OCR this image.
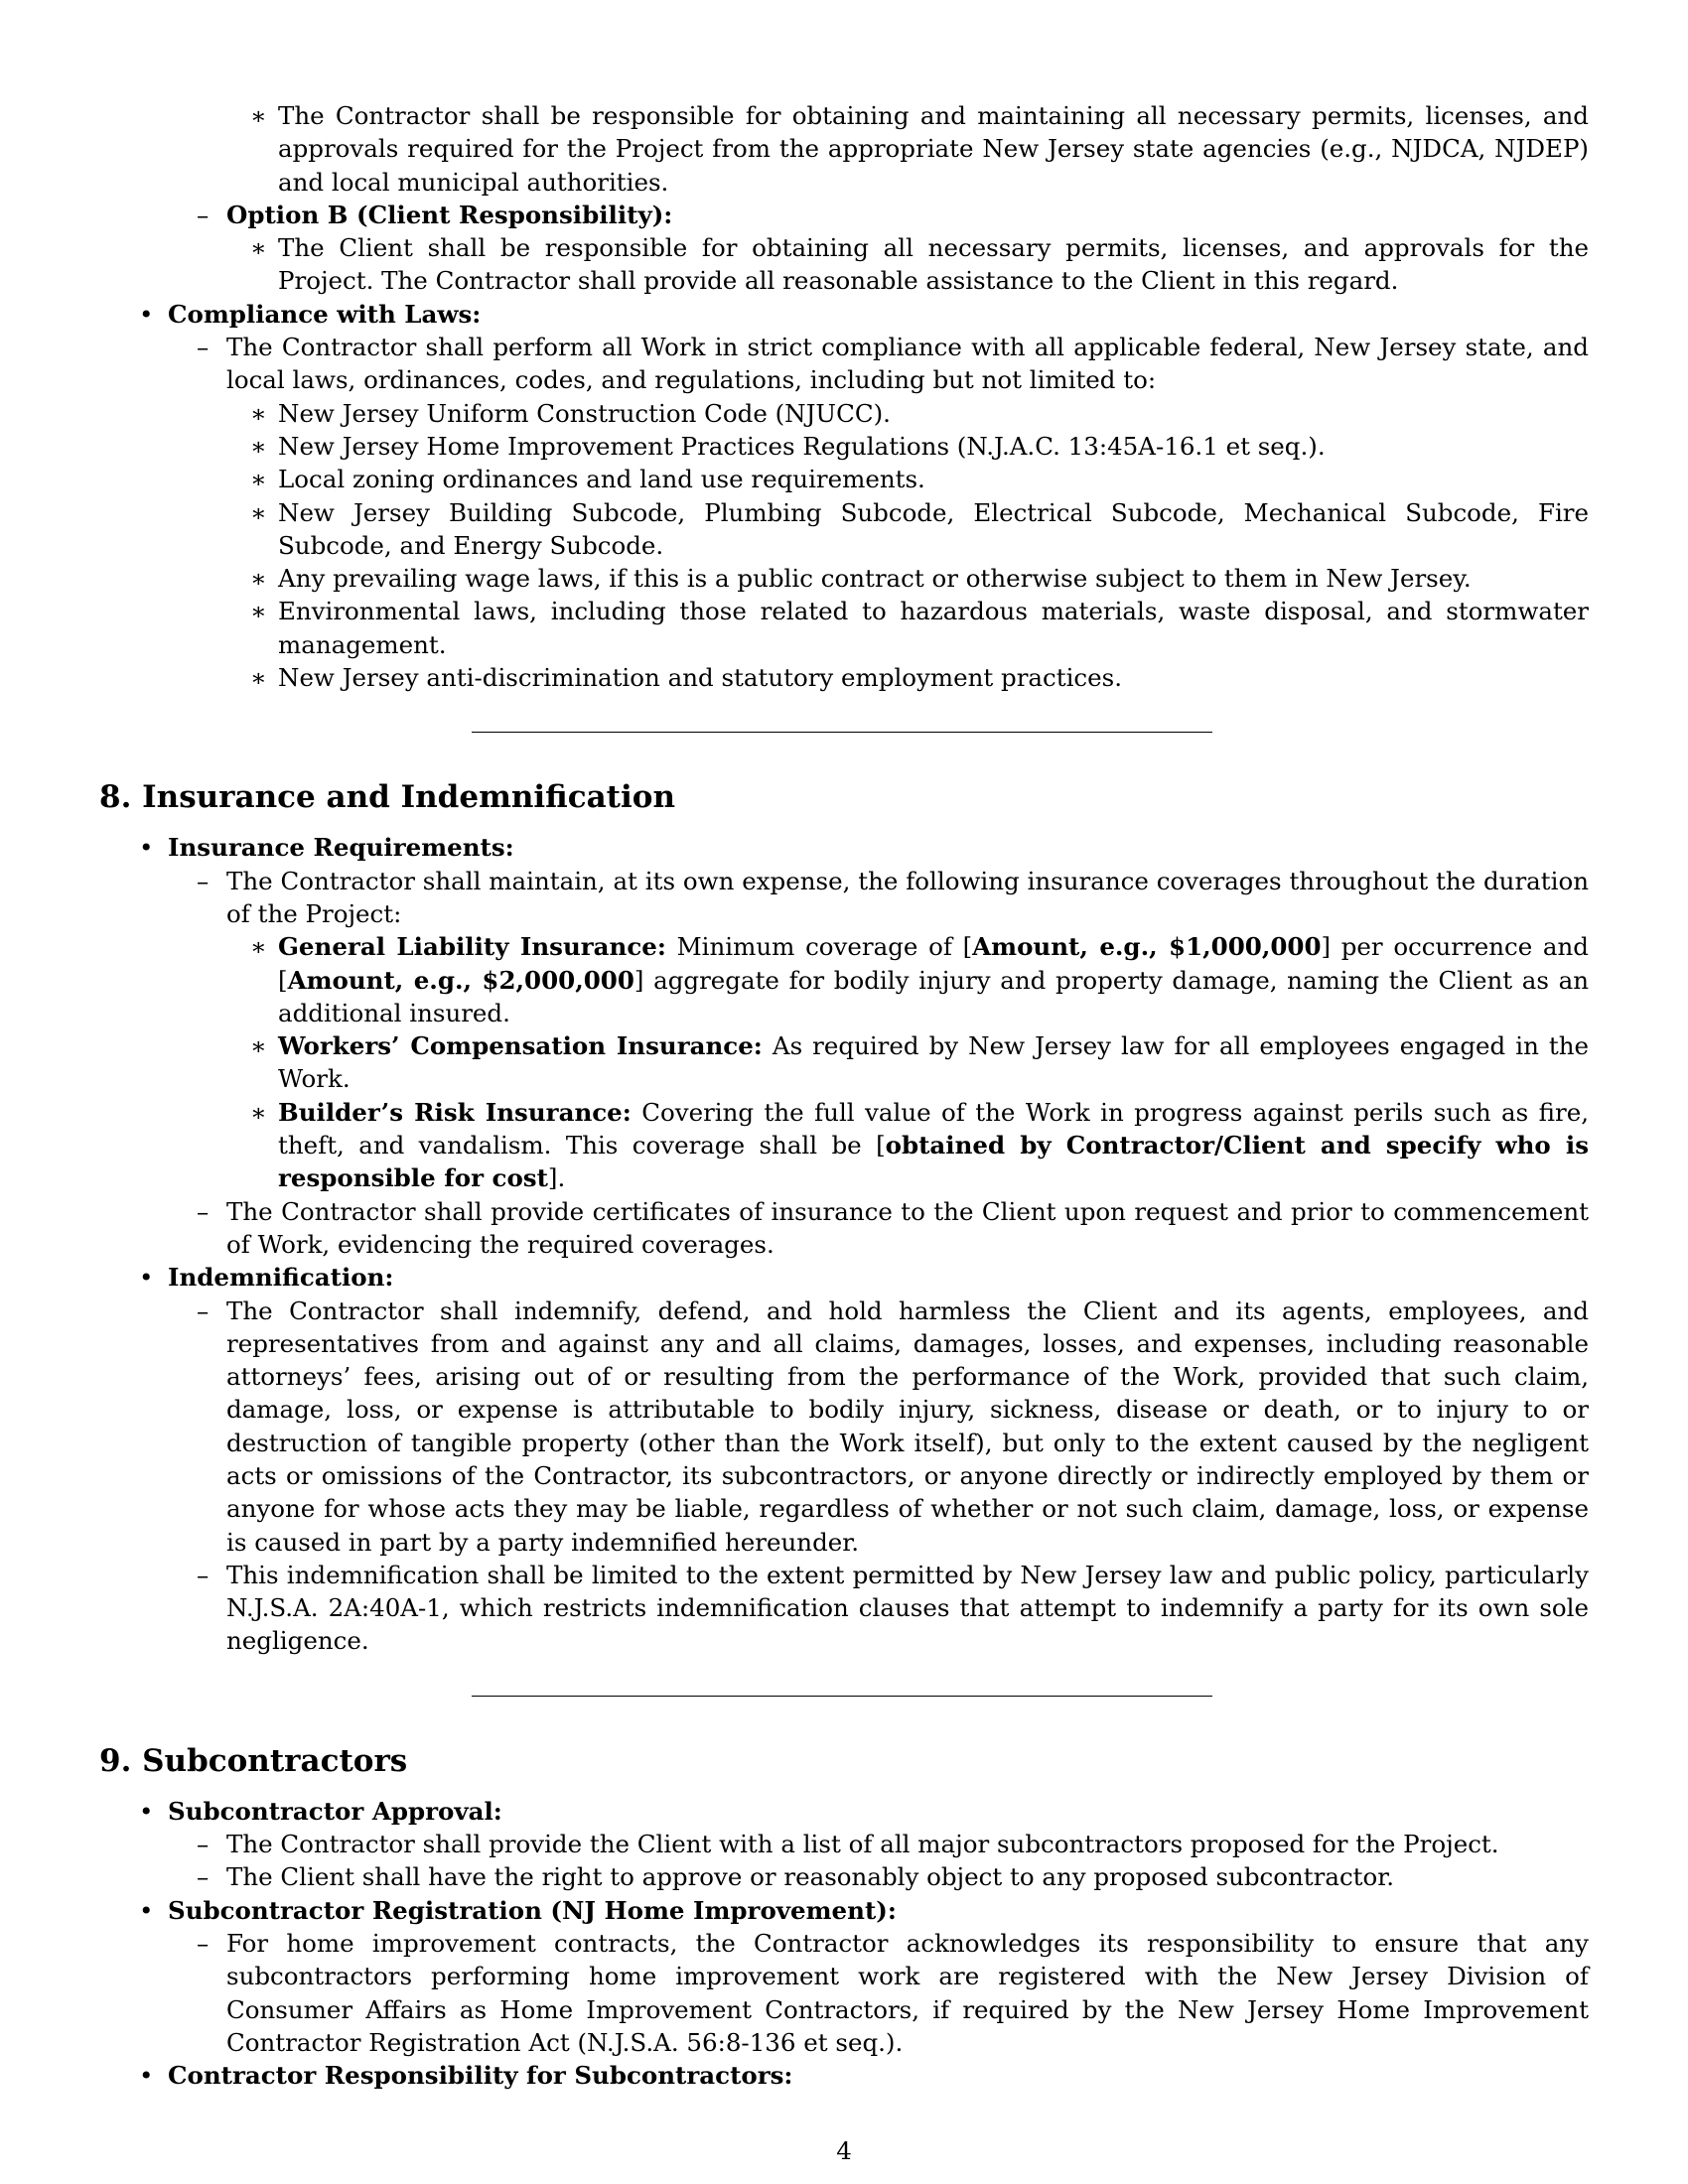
∗ The Contractor shall be responsible for obtaining and maintaining all necessary permits, licenses, and approvals required for the Project from the appropriate New Jersey state agencies (e.g., NJDCA, NJDEP) and local municipal authorities.
– Option B (Client Responsibility):
∗ The Client shall be responsible for obtaining all necessary permits, licenses, and approvals for the Project. The Contractor shall provide all reasonable assistance to the Client in this regard.
• Compliance with Laws:
– The Contractor shall perform all Work in strict compliance with all applicable federal, New Jersey state, and local laws, ordinances, codes, and regulations, including but not limited to:
∗ New Jersey Uniform Construction Code (NJUCC).
∗ New Jersey Home Improvement Practices Regulations (N.J.A.C. 13:45A-16.1 et seq.).
∗ Local zoning ordinances and land use requirements.
∗ New Jersey Building Subcode, Plumbing Subcode, Electrical Subcode, Mechanical Subcode, Fire Subcode, and Energy Subcode.
∗ Any prevailing wage laws, if this is a public contract or otherwise subject to them in New Jersey.
∗ Environmental laws, including those related to hazardous materials, waste disposal, and stormwater management.
∗ New Jersey anti-discrimination and statutory employment practices.
8. Insurance and Indemnification
• Insurance Requirements:
– The Contractor shall maintain, at its own expense, the following insurance coverages throughout the duration of the Project:
∗ General Liability Insurance: Minimum coverage of [Amount, e.g., $1,000,000] per occurrence and [Amount, e.g., $2,000,000] aggregate for bodily injury and property damage, naming the Client as an additional insured.
∗ Workers’ Compensation Insurance: As required by New Jersey law for all employees engaged in the Work.
∗ Builder’s Risk Insurance: Covering the full value of the Work in progress against perils such as fire, theft, and vandalism. This coverage shall be [obtained by Contractor/Client and specify who is responsible for cost].
– The Contractor shall provide certificates of insurance to the Client upon request and prior to commencement of Work, evidencing the required coverages.
• Indemnification:
– The Contractor shall indemnify, defend, and hold harmless the Client and its agents, employees, and representatives from and against any and all claims, damages, losses, and expenses, including reasonable attorneys’ fees, arising out of or resulting from the performance of the Work, provided that such claim, damage, loss, or expense is attributable to bodily injury, sickness, disease or death, or to injury to or destruction of tangible property (other than the Work itself), but only to the extent caused by the negligent acts or omissions of the Contractor, its subcontractors, or anyone directly or indirectly employed by them or anyone for whose acts they may be liable, regardless of whether or not such claim, damage, loss, or expense is caused in part by a party indemnified hereunder.
– This indemnification shall be limited to the extent permitted by New Jersey law and public policy, particularly N.J.S.A. 2A:40A-1, which restricts indemnification clauses that attempt to indemnify a party for its own sole negligence.
9. Subcontractors
• Subcontractor Approval:
– The Contractor shall provide the Client with a list of all major subcontractors proposed for the Project.
– The Client shall have the right to approve or reasonably object to any proposed subcontractor.
• Subcontractor Registration (NJ Home Improvement):
– For home improvement contracts, the Contractor acknowledges its responsibility to ensure that any subcontractors performing home improvement work are registered with the New Jersey Division of Consumer Affairs as Home Improvement Contractors, if required by the New Jersey Home Improvement Contractor Registration Act (N.J.S.A. 56:8-136 et seq.).
• Contractor Responsibility for Subcontractors:
4
